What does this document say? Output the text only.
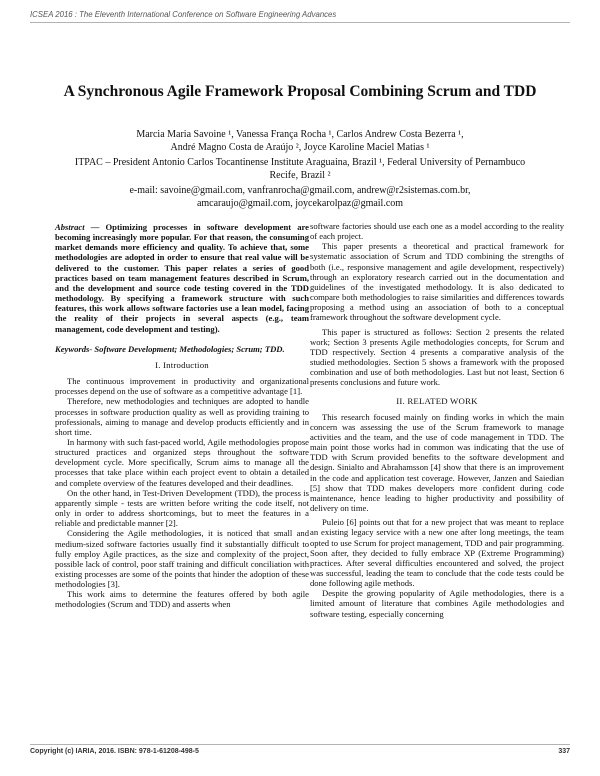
ICSEA 2016 : The Eleventh International Conference on Software Engineering Advances
A Synchronous Agile Framework Proposal Combining Scrum and TDD
Marcia Maria Savoine ¹, Vanessa França Rocha ¹, Carlos Andrew Costa Bezerra ¹,
André Magno Costa de Araújo ², Joyce Karoline Maciel Matias ¹
ITPAC – President Antonio Carlos Tocantinense Institute Araguaina, Brazil ¹, Federal University of Pernambuco
Recife, Brazil ²
e-mail: savoine@gmail.com, vanfranrocha@gmail.com, andrew@r2sistemas.com.br,
amcaraujo@gmail.com, joycekarolpaz@gmail.com

Abstract — Optimizing processes in software development are becoming increasingly more popular. For that reason, the consuming market demands more efficiency and quality. To achieve that, some methodologies are adopted in order to ensure that real value will be delivered to the customer. This paper relates a series of good practices based on team management features described in Scrum, and the development and source code testing covered in the TDD methodology. By specifying a framework structure with such features, this work allows software factories use a lean model, facing the reality of their projects in several aspects (e.g., team management, code development and testing).

Keywords- Software Development; Methodologies; Scrum; TDD.

I. Introduction

The continuous improvement in productivity and organizational processes depend on the use of software as a competitive advantage [1].

Therefore, new methodologies and techniques are adopted to handle processes in software production quality as well as providing training to professionals, aiming to manage and develop products efficiently and in short time.

In harmony with such fast-paced world, Agile methodologies propose structured practices and organized steps throughout the software development cycle. More specifically, Scrum aims to manage all the processes that take place within each project event to obtain a detailed and complete overview of the features developed and their deadlines.

On the other hand, in Test-Driven Development (TDD), the process is apparently simple - tests are written before writing the code itself, not only in order to address shortcomings, but to meet the features in a reliable and predictable manner [2].

Considering the Agile methodologies, it is noticed that small and medium-sized software factories usually find it substantially difficult to fully employ Agile practices, as the size and complexity of the project, possible lack of control, poor staff training and difficult conciliation with existing processes are some of the points that hinder the adoption of these methodologies [3].

This work aims to determine the features offered by both agile methodologies (Scrum and TDD) and asserts when

software factories should use each one as a model according to the reality of each project.

This paper presents a theoretical and practical framework for systematic association of Scrum and TDD combining the strengths of both (i.e., responsive management and agile development, respectively) through an exploratory research carried out in the documentation and guidelines of the investigated methodology. It is also dedicated to compare both methodologies to raise similarities and differences towards proposing a method using an association of both to a conceptual framework throughout the software development cycle.

This paper is structured as follows: Section 2 presents the related work; Section 3 presents Agile methodologies concepts, for Scrum and TDD respectively. Section 4 presents a comparative analysis of the studied methodologies. Section 5 shows a framework with the proposed combination and use of both methodologies. Last but not least, Section 6 presents conclusions and future work.

II. RELATED WORK

This research focused mainly on finding works in which the main concern was assessing the use of the Scrum framework to manage activities and the team, and the use of code management in TDD. The main point those works had in common was indicating that the use of TDD with Scrum provided benefits to the software development and design. Sinialto and Abrahamsson [4] show that there is an improvement in the code and application test coverage. However, Janzen and Saiedian [5] show that TDD makes developers more confident during code maintenance, hence leading to higher productivity and possibility of delivery on time.

Puleio [6] points out that for a new project that was meant to replace an existing legacy service with a new one after long meetings, the team opted to use Scrum for project management, TDD and pair programming. Soon after, they decided to fully embrace XP (Extreme Programming) practices. After several difficulties encountered and solved, the project was successful, leading the team to conclude that the code tests could be done following agile methods.

Despite the growing popularity of Agile methodologies, there is a limited amount of literature that combines Agile methodologies and software testing, especially concerning

Copyright (c) IARIA, 2016. ISBN: 978-1-61208-498-5	337
